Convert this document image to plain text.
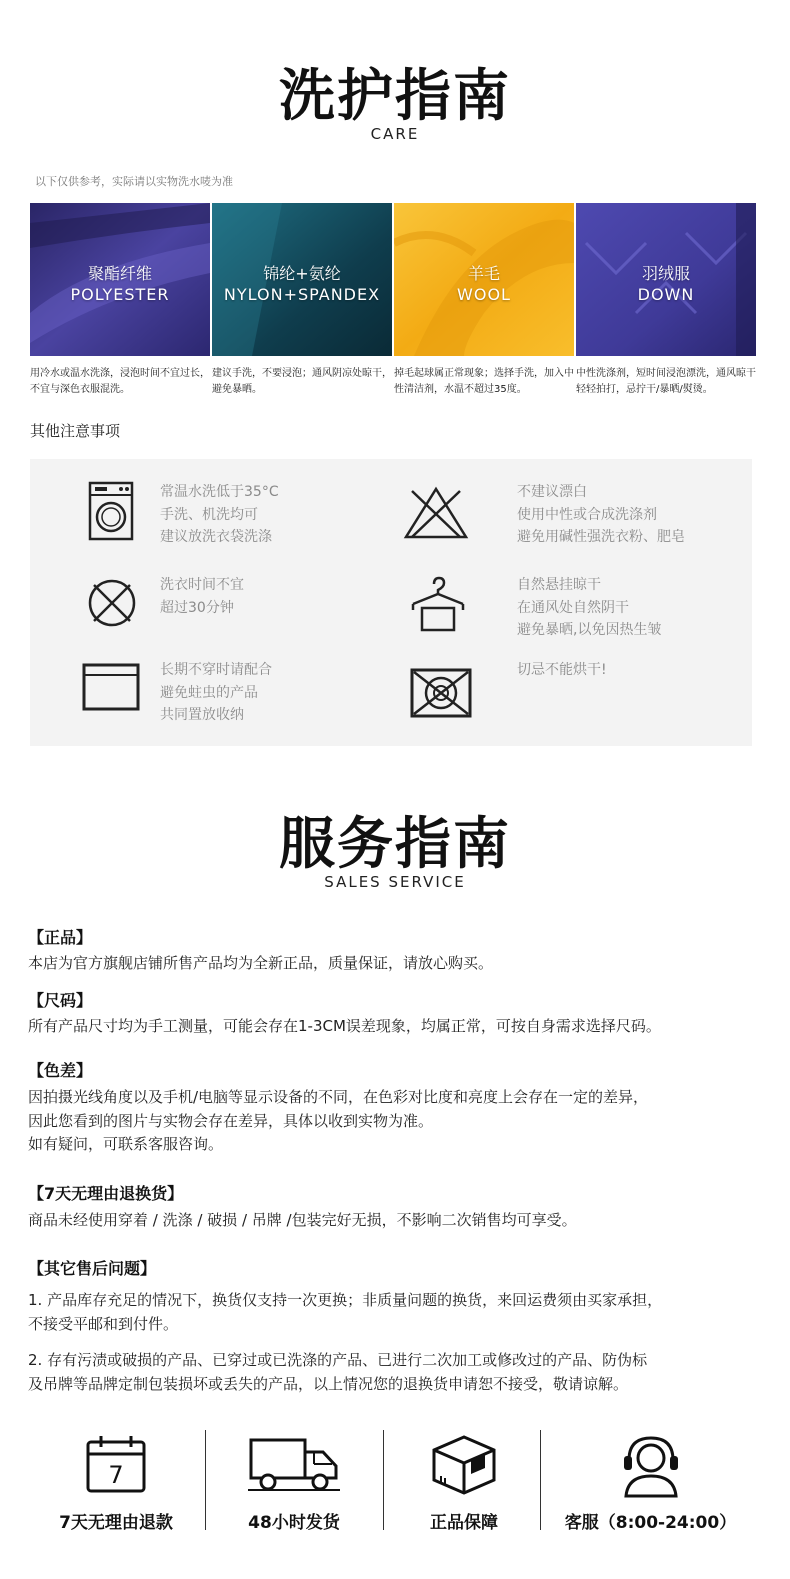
洗护指南
CARE
以下仅供参考，实际请以实物洗水唛为准
聚酯纤维
POLYESTER
锦纶+氨纶
NYLON+SPANDEX
羊毛
WOOL
羽绒服
DOWN
用冷水或温水洗涤，浸泡时间不宜过长，不宜与深色衣服混洗。
建议手洗，不要浸泡；通风阴凉处晾干，避免暴晒。
掉毛起球属正常现象；选择手洗，加入中性清洁剂，水温不超过35度。
中性洗涤剂，短时间浸泡漂洗，通风晾干轻轻拍打，忌拧干/暴晒/熨烫。
其他注意事项
常温水洗低于35°C
手洗、机洗均可
建议放洗衣袋洗涤
不建议漂白
使用中性或合成洗涤剂
避免用碱性强洗衣粉、肥皂
洗衣时间不宜
超过30分钟
自然悬挂晾干
在通风处自然阴干
避免暴晒,以免因热生皱
长期不穿时请配合
避免蛀虫的产品
共同置放收纳
切忌不能烘干!
服务指南
SALES SERVICE
【正品】
本店为官方旗舰店铺所售产品均为全新正品，质量保证，请放心购买。
【尺码】
所有产品尺寸均为手工测量，可能会存在1-3CM误差现象，均属正常，可按自身需求选择尺码。
【色差】
因拍摄光线角度以及手机/电脑等显示设备的不同，在色彩对比度和亮度上会存在一定的差异，
因此您看到的图片与实物会存在差异，具体以收到实物为准。
如有疑问，可联系客服咨询。
【7天无理由退换货】
商品未经使用穿着 / 洗涤 / 破损 / 吊牌 /包装完好无损，不影响二次销售均可享受。
【其它售后问题】
1. 产品库存充足的情况下，换货仅支持一次更换；非质量问题的换货，来回运费须由买家承担，
不接受平邮和到付件。
2. 存有污渍或破损的产品、已穿过或已洗涤的产品、已进行二次加工或修改过的产品、防伪标
及吊牌等品牌定制包装损坏或丢失的产品，以上情况您的退换货申请恕不接受，敬请谅解。
7
7天无理由退款	48小时发货	正品保障	客服（8:00-24:00）
